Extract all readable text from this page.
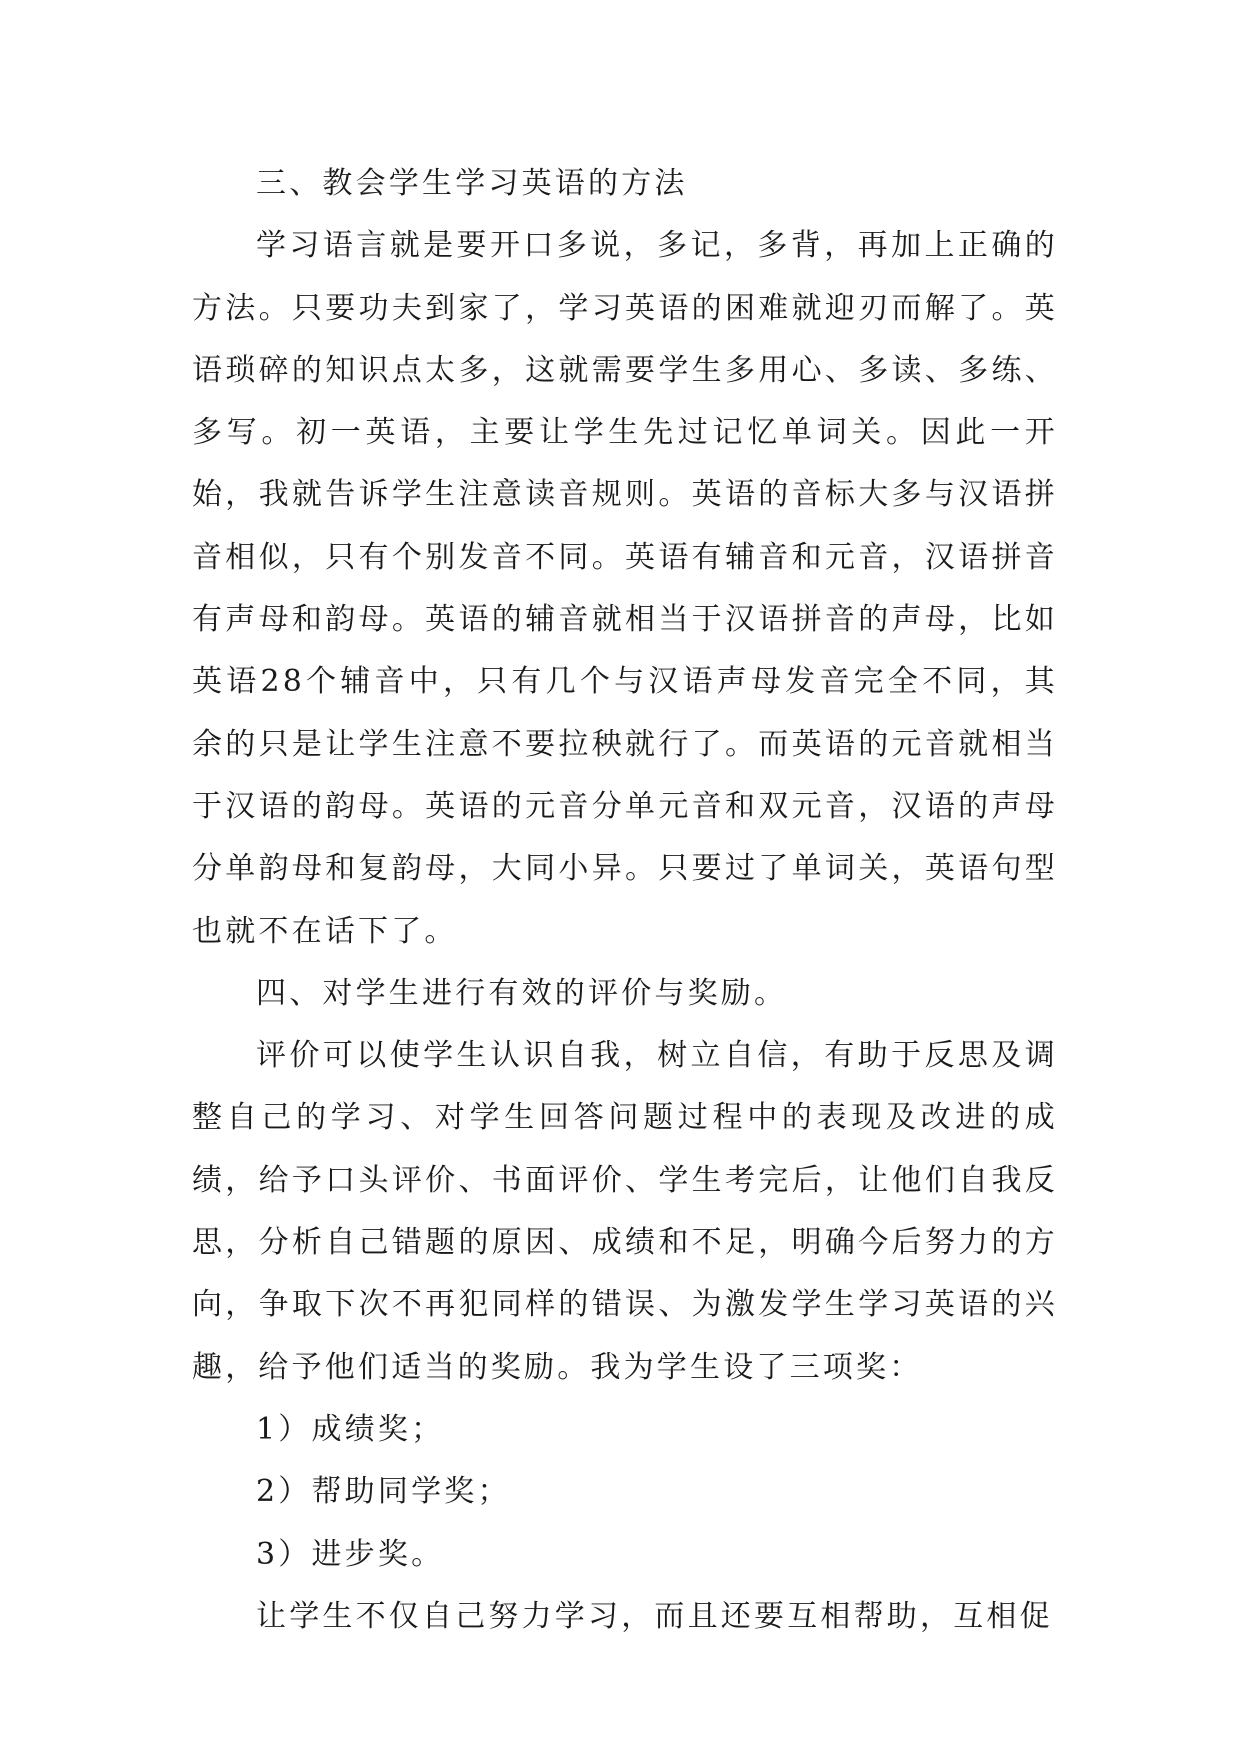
三、教会学生学习英语的方法

学习语言就是要开口多说，多记，多背，再加上正确的方法。只要功夫到家了，学习英语的困难就迎刃而解了。英语琐碎的知识点太多，这就需要学生多用心、多读、多练、多写。初一英语，主要让学生先过记忆单词关。因此一开始，我就告诉学生注意读音规则。英语的音标大多与汉语拼音相似，只有个别发音不同。英语有辅音和元音，汉语拼音有声母和韵母。英语的辅音就相当于汉语拼音的声母，比如英语28个辅音中，只有几个与汉语声母发音完全不同，其余的只是让学生注意不要拉秧就行了。而英语的元音就相当于汉语的韵母。英语的元音分单元音和双元音，汉语的声母分单韵母和复韵母，大同小异。只要过了单词关，英语句型也就不在话下了。

四、对学生进行有效的评价与奖励。

评价可以使学生认识自我，树立自信，有助于反思及调整自己的学习、对学生回答问题过程中的表现及改进的成绩，给予口头评价、书面评价、学生考完后，让他们自我反思，分析自己错题的原因、成绩和不足，明确今后努力的方向，争取下次不再犯同样的错误、为激发学生学习英语的兴趣，给予他们适当的奖励。我为学生设了三项奖：

1）成绩奖；

2）帮助同学奖；

3）进步奖。

让学生不仅自己努力学习，而且还要互相帮助，互相促
